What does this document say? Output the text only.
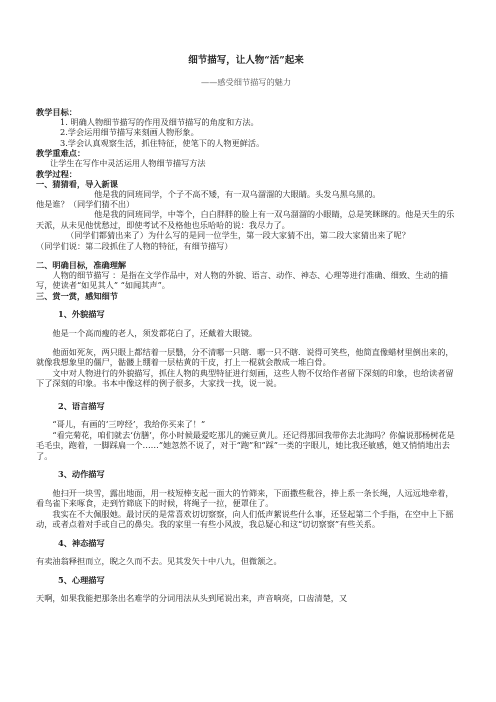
细节描写，让人物“活”起来

——感受细节描写的魅力

教学目标：

1. 明确人物细节描写的作用及细节描写的角度和方法。

2.学会运用细节描写来刻画人物形象。

3.学会认真观察生活，抓住特征，使笔下的人物更鲜活。

教学重难点：

让学生在写作中灵活运用人物细节描写方法

教学过程：

一、猜猜看，导入新课

他是我的同班同学，个子不高不矮，有一双乌溜溜的大眼睛。头发乌黑乌黑的。

他是谁？（同学们猜不出）

他是我的同班同学，中等个，白白胖胖的脸上有一双乌溜溜的小眼睛，总是笑眯眯的。他是天生的乐天派，从未见他忧愁过，即使考试不及格他也乐哈哈的说：我尽力了。

（同学们都猜出来了）为什么写的是同一位学生，第一段大家猜不出，第二段大家猜出来了呢？

（同学们说：第二段抓住了人物的特征，有细节描写）

二、明确目标，准确理解

人物的细节描写 ：是指在文学作品中，对人物的外貌、语言、动作、神态、心理等进行准确、细致、生动的描写，使读者“如见其人” “如闻其声”。

三、赏一赏，感知细节

1、外貌描写

他是一个高而瘦的老人，须发都花白了，还戴着大眼镜。

他面如死灰，两只眼上都结着一层翳，分不清哪一只瞎．哪一只不瞎．说得可笑些，他简直像蜡材里倒出来的，就像我想象里的僵尸，骷髅上绷着一层枯黄的干皮，打上一棍就会散成一堆白骨。

文中对人物进行的外貌描写，抓住人物的典型特征进行刻画，这些人物不仅给作者留下深刻的印象，也给读者留下了深刻的印象。书本中像这样的例子很多，大家找一找，说一说。

2、语言描写

“哥儿，有画的‘三哼经’，我给你买来了！”

“看完菊花，咱们就去‘仿膳’，你小时候最爱吃那儿的豌豆黄儿。还记得那回我带你去北海吗？你偏说那杨树花是毛毛虫，跑着，一脚踩扁一个……”她忽然不说了，对于“跑”和“踩”一类的字眼儿，她比我还敏感，她又悄悄地出去了。

3、动作描写

他扫开一块雪，露出地面，用一枝短棒支起一面大的竹筛来，下面撒些秕谷，捧上系一条长绳，人远远地牵着，看鸟雀下来啄食，走到竹筛底下的时候，将绳子一拉，便罩住了。

我实在不大佩服她。最讨厌的是常喜欢切切察察，向人们低声絮说些什么事，还竖起第二个手指，在空中上下摇动，或者点着对手或自己的鼻尖。我的家里一有些小风波，我总疑心和这“切切察察”有些关系。

4、神态描写

有卖油翁释担而立，睨之久而不去。见其发矢十中八九，但微颔之。

5、心理描写

天啊，如果我能把那条出名难学的分词用法从头到尾说出来，声音响亮，口齿清楚，又
